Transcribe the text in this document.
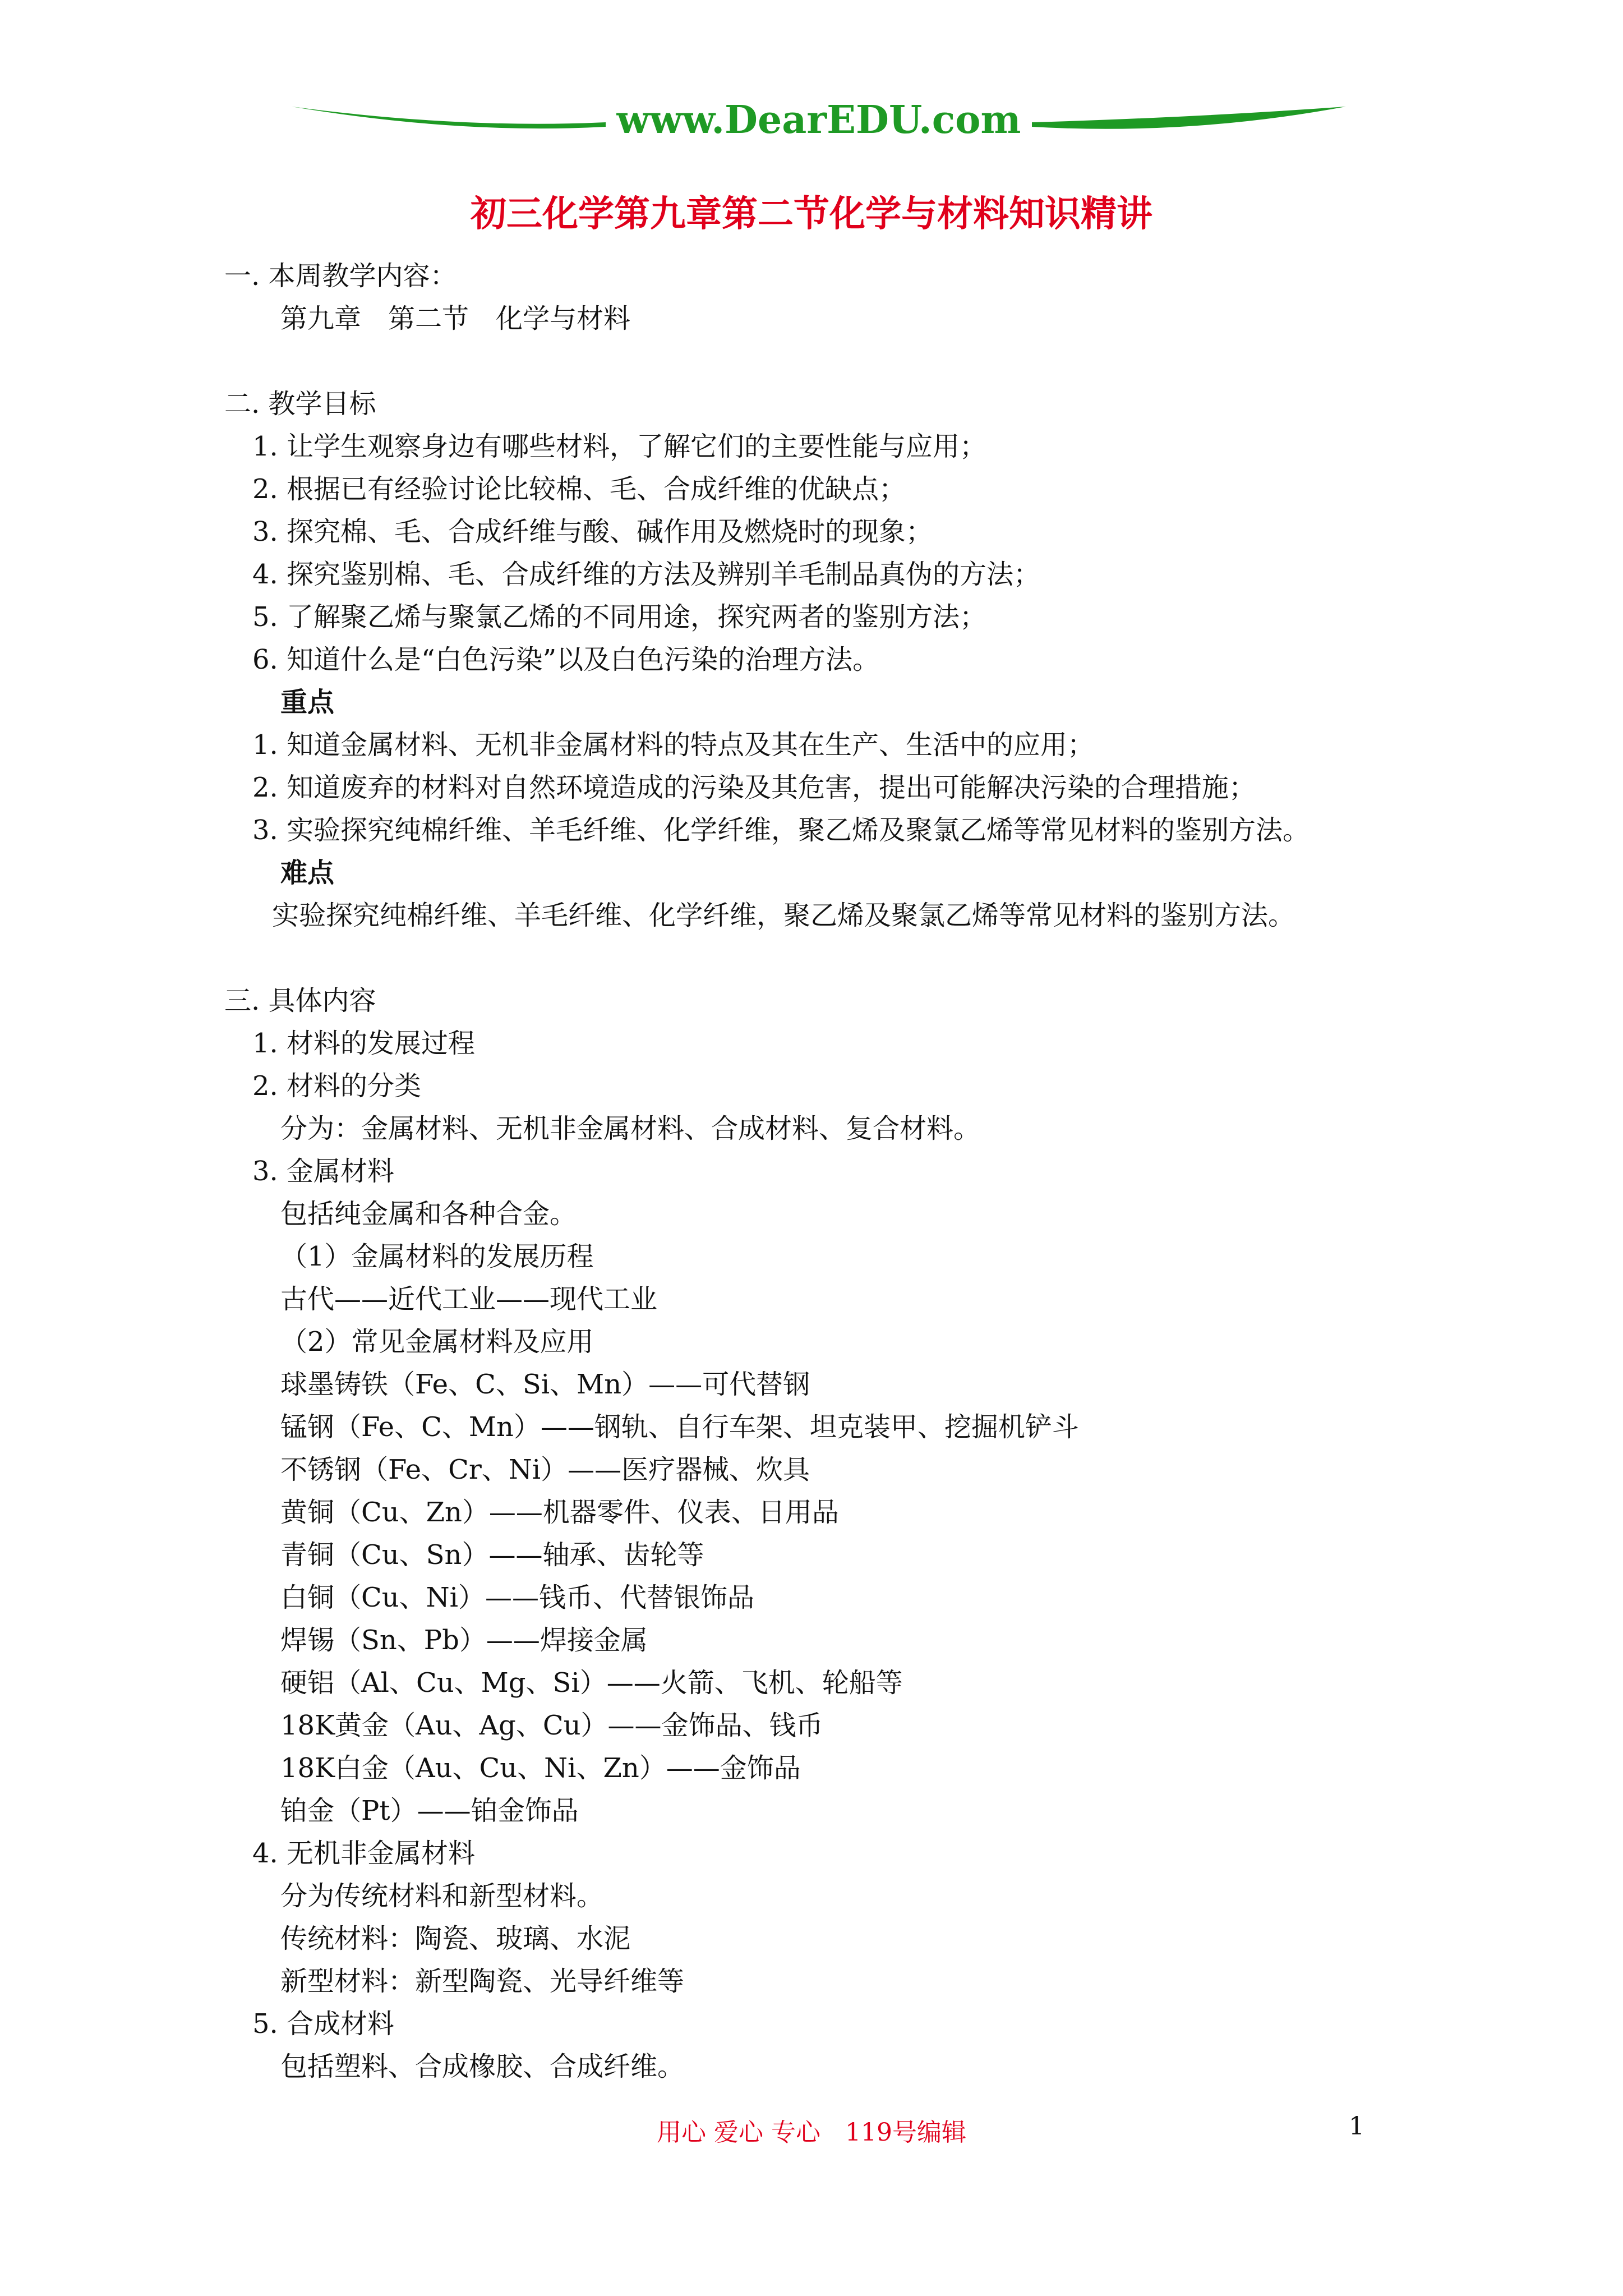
www.DearEDU.com
初三化学第九章第二节化学与材料知识精讲
一. 本周教学内容：
第九章　第二节　化学与材料
二. 教学目标
1. 让学生观察身边有哪些材料，了解它们的主要性能与应用；
2. 根据已有经验讨论比较棉、毛、合成纤维的优缺点；
3. 探究棉、毛、合成纤维与酸、碱作用及燃烧时的现象；
4. 探究鉴别棉、毛、合成纤维的方法及辨别羊毛制品真伪的方法；
5. 了解聚乙烯与聚氯乙烯的不同用途，探究两者的鉴别方法；
6. 知道什么是“白色污染”以及白色污染的治理方法。
重点
1. 知道金属材料、无机非金属材料的特点及其在生产、生活中的应用；
2. 知道废弃的材料对自然环境造成的污染及其危害，提出可能解决污染的合理措施；
3. 实验探究纯棉纤维、羊毛纤维、化学纤维，聚乙烯及聚氯乙烯等常见材料的鉴别方法。
难点
实验探究纯棉纤维、羊毛纤维、化学纤维，聚乙烯及聚氯乙烯等常见材料的鉴别方法。
三. 具体内容
1. 材料的发展过程
2. 材料的分类
分为：金属材料、无机非金属材料、合成材料、复合材料。
3. 金属材料
包括纯金属和各种合金。
（1）金属材料的发展历程
古代——近代工业——现代工业
（2）常见金属材料及应用
球墨铸铁（Fe、C、Si、Mn）——可代替钢
锰钢（Fe、C、Mn）——钢轨、自行车架、坦克装甲、挖掘机铲斗
不锈钢（Fe、Cr、Ni）——医疗器械、炊具
黄铜（Cu、Zn）——机器零件、仪表、日用品
青铜（Cu、Sn）——轴承、齿轮等
白铜（Cu、Ni）——钱币、代替银饰品
焊锡（Sn、Pb）——焊接金属
硬铝（Al、Cu、Mg、Si）——火箭、飞机、轮船等
18K黄金（Au、Ag、Cu）——金饰品、钱币
18K白金（Au、Cu、Ni、Zn）——金饰品
铂金（Pt）——铂金饰品
4. 无机非金属材料
分为传统材料和新型材料。
传统材料：陶瓷、玻璃、水泥
新型材料：新型陶瓷、光导纤维等
5. 合成材料
包括塑料、合成橡胶、合成纤维。
用心 爱心 专心　119号编辑	1
